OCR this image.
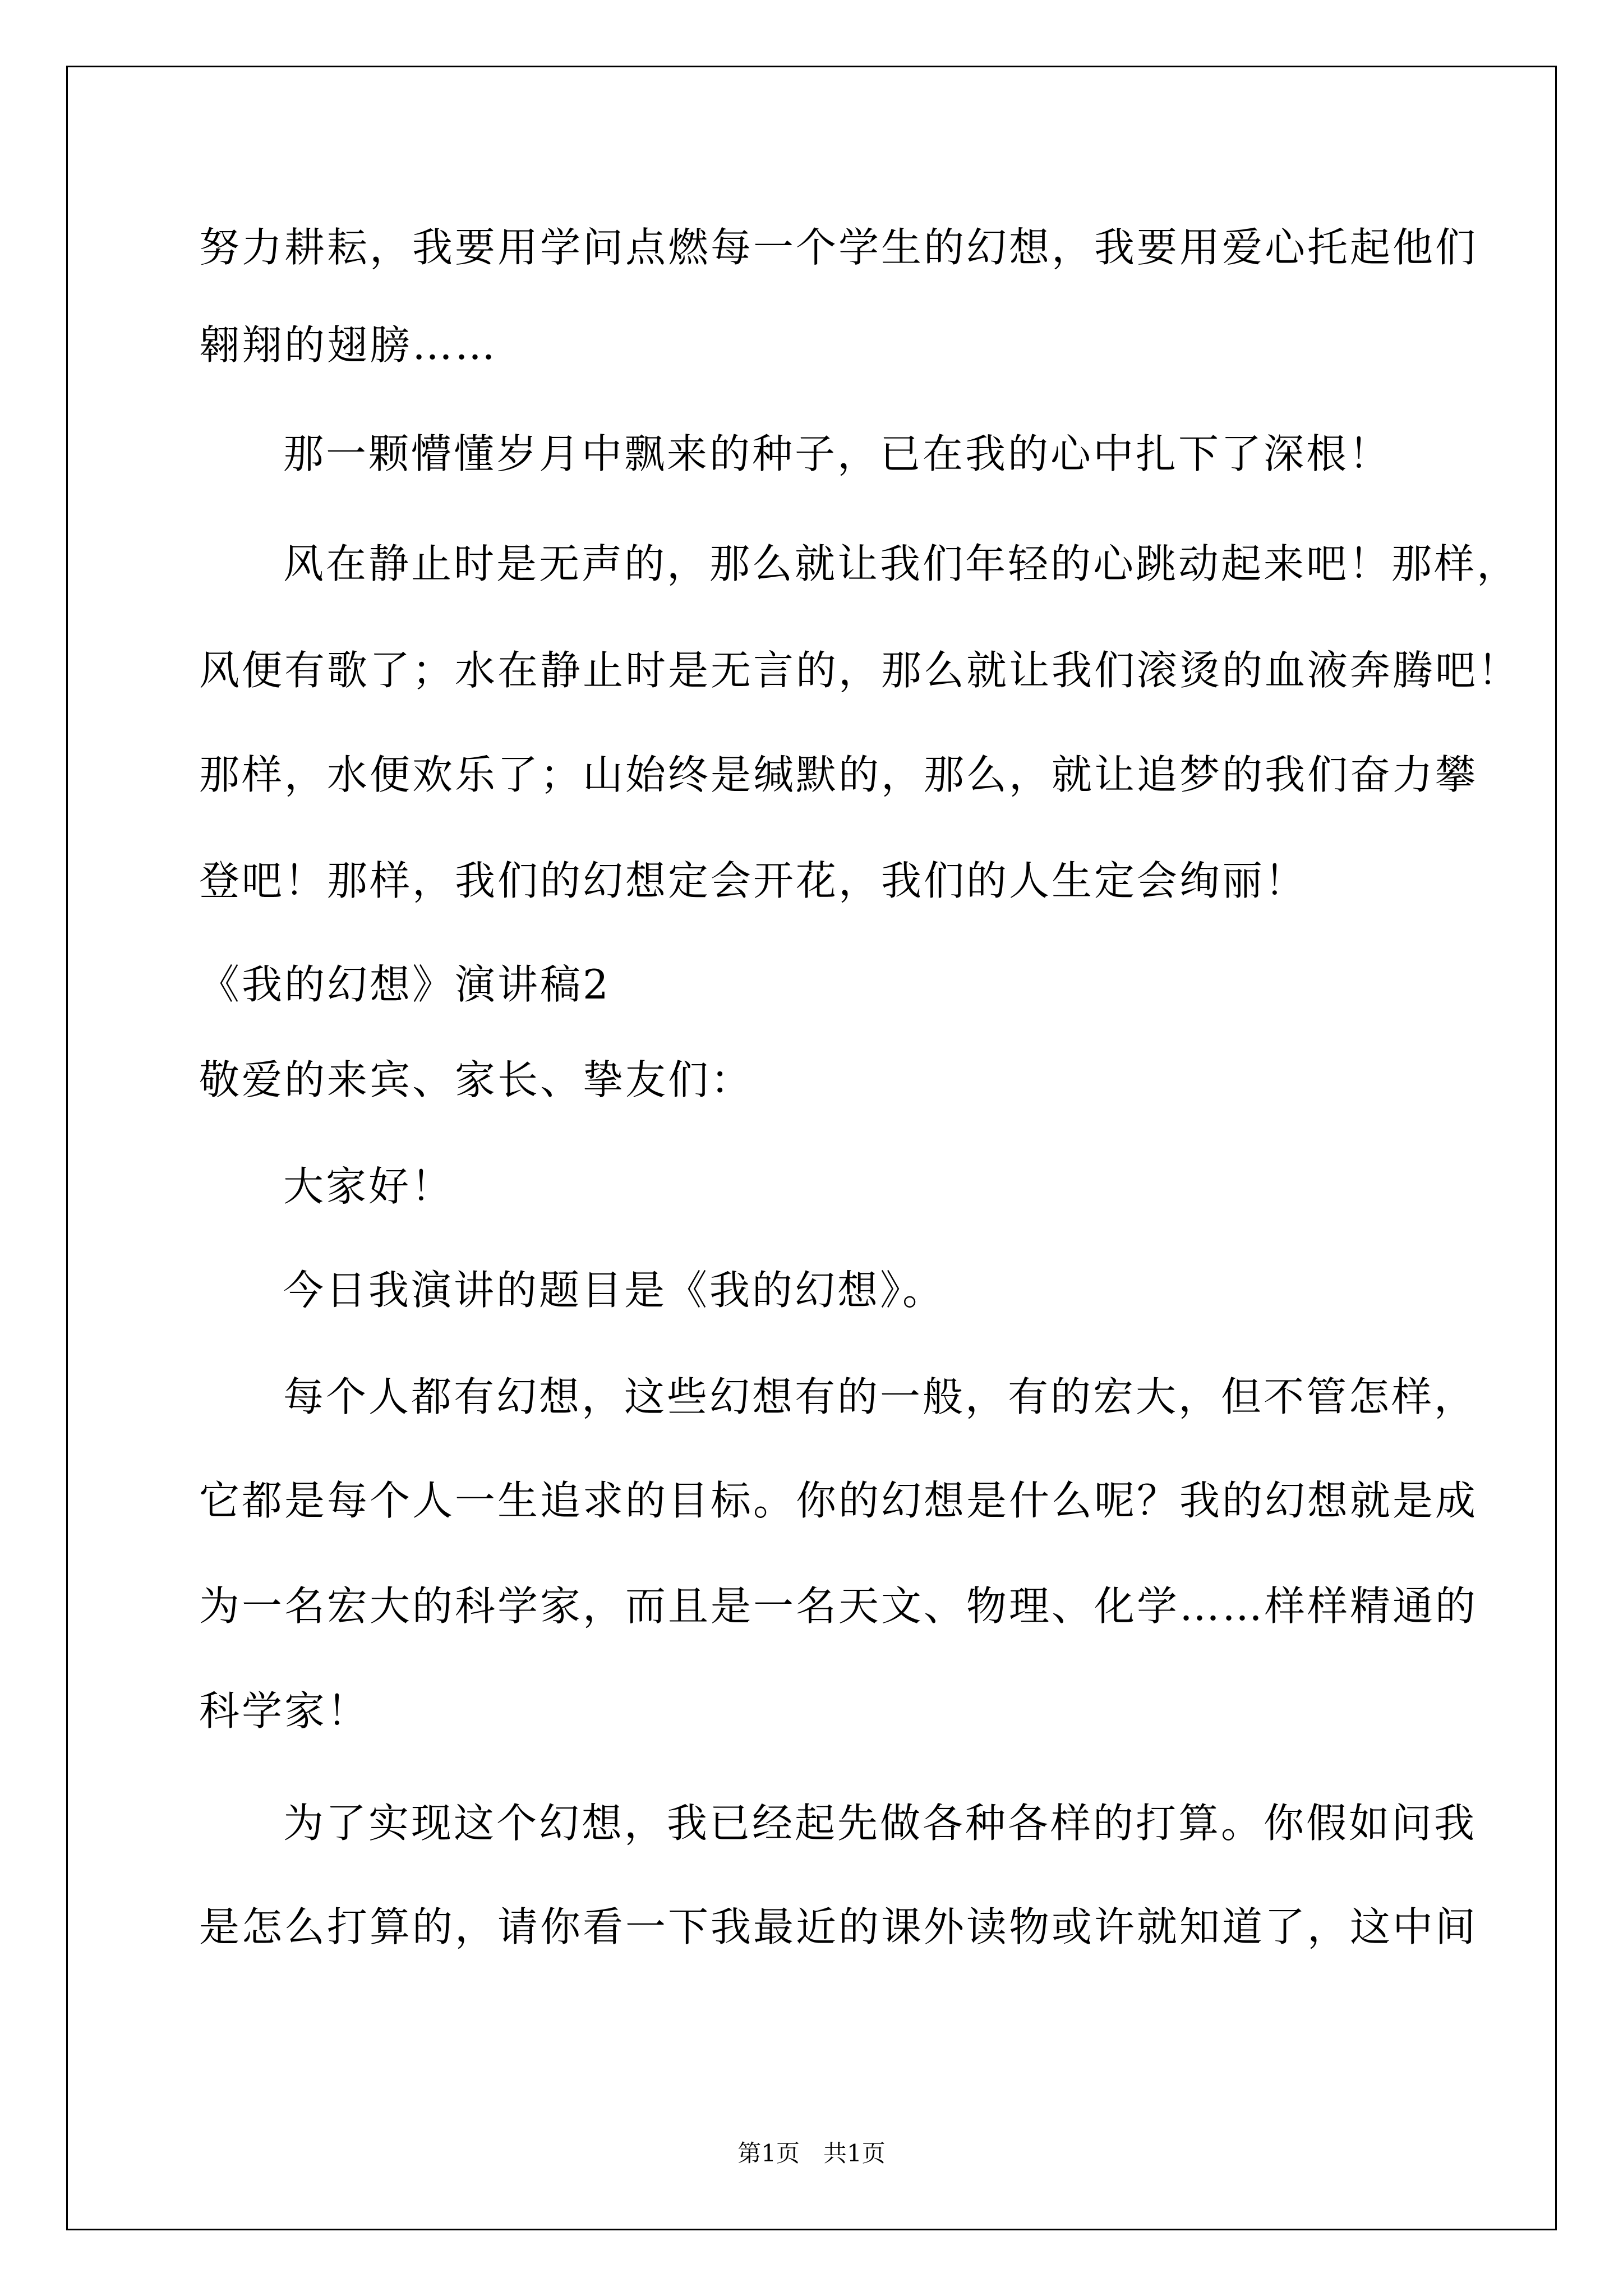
努力耕耘，我要用学问点燃每一个学生的幻想，我要用爱心托起他们
翱翔的翅膀……
那一颗懵懂岁月中飘来的种子，已在我的心中扎下了深根！
风在静止时是无声的，那么就让我们年轻的心跳动起来吧！那样，
风便有歌了；水在静止时是无言的，那么就让我们滚烫的血液奔腾吧！
那样，水便欢乐了；山始终是缄默的，那么，就让追梦的我们奋力攀
登吧！那样，我们的幻想定会开花，我们的人生定会绚丽！
《我的幻想》演讲稿2
敬爱的来宾、家长、挚友们：
大家好！
今日我演讲的题目是《我的幻想》。
每个人都有幻想，这些幻想有的一般，有的宏大，但不管怎样，
它都是每个人一生追求的目标。你的幻想是什么呢？我的幻想就是成
为一名宏大的科学家，而且是一名天文、物理、化学……样样精通的
科学家！
为了实现这个幻想，我已经起先做各种各样的打算。你假如问我
是怎么打算的，请你看一下我最近的课外读物或许就知道了，这中间
第1页　共1页
